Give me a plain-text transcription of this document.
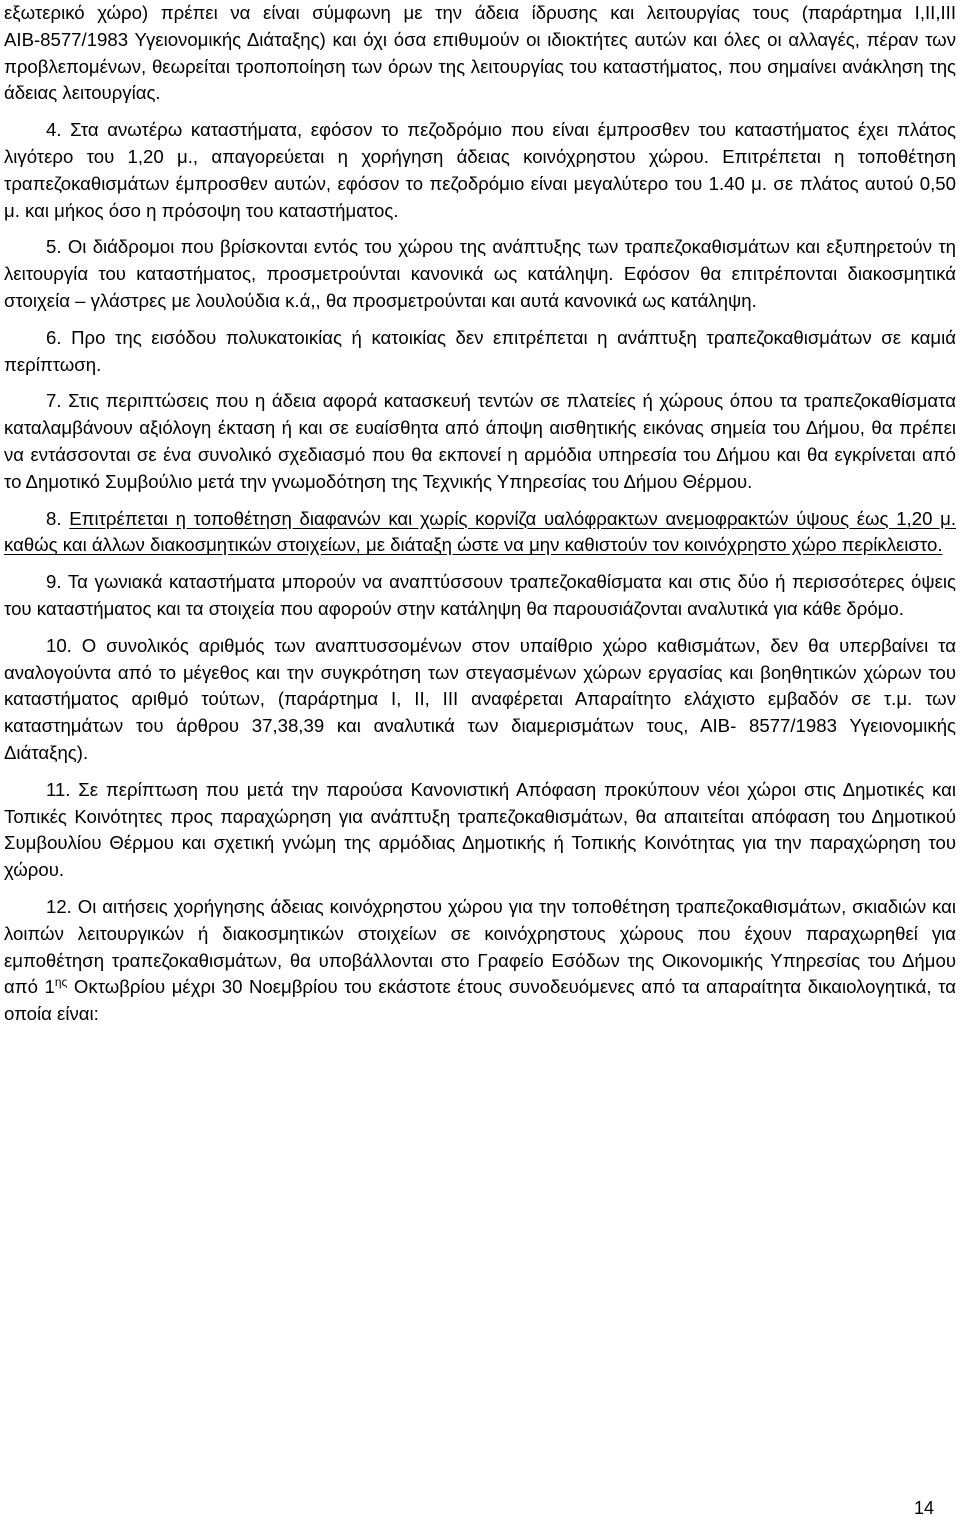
εξωτερικό χώρο) πρέπει να είναι σύμφωνη με την άδεια ίδρυσης και λειτουργίας τους (παράρτημα Ι,ΙΙ,ΙΙΙ ΑΙΒ-8577/1983 Υγειονομικής Διάταξης) και όχι όσα επιθυμούν οι ιδιοκτήτες αυτών και όλες οι αλλαγές, πέραν των προβλεπομένων, θεωρείται τροποποίηση των όρων της λειτουργίας του καταστήματος, που σημαίνει ανάκληση της άδειας λειτουργίας.

4. Στα ανωτέρω καταστήματα, εφόσον το πεζοδρόμιο που είναι έμπροσθεν του καταστήματος έχει πλάτος λιγότερο του 1,20 μ., απαγορεύεται η χορήγηση άδειας κοινόχρηστου χώρου. Επιτρέπεται η τοποθέτηση τραπεζοκαθισμάτων έμπροσθεν αυτών, εφόσον το πεζοδρόμιο είναι μεγαλύτερο του 1.40 μ. σε πλάτος αυτού 0,50 μ. και μήκος όσο η πρόσοψη του καταστήματος.

5. Οι διάδρομοι που βρίσκονται εντός του χώρου της ανάπτυξης των τραπεζοκαθισμάτων και εξυπηρετούν τη λειτουργία του καταστήματος, προσμετρούνται κανονικά ως κατάληψη. Εφόσον θα επιτρέπονται διακοσμητικά στοιχεία – γλάστρες με λουλούδια κ.ά,, θα προσμετρούνται και αυτά κανονικά ως κατάληψη.

6. Προ της εισόδου πολυκατοικίας ή κατοικίας δεν επιτρέπεται η ανάπτυξη τραπεζοκαθισμάτων σε καμιά περίπτωση.

7. Στις περιπτώσεις που η άδεια αφορά κατασκευή τεντών σε πλατείες ή χώρους όπου τα τραπεζοκαθίσματα καταλαμβάνουν αξιόλογη έκταση ή και σε ευαίσθητα από άποψη αισθητικής εικόνας σημεία του Δήμου, θα πρέπει να εντάσσονται σε ένα συνολικό σχεδιασμό που θα εκπονεί η αρμόδια υπηρεσία του Δήμου και θα εγκρίνεται από το Δημοτικό Συμβούλιο μετά την γνωμοδότηση της Τεχνικής Υπηρεσίας του Δήμου Θέρμου.

8. Επιτρέπεται η τοποθέτηση διαφανών και χωρίς κορνίζα υαλόφρακτων ανεμοφρακτών ύψους έως 1,20 μ. καθώς και άλλων διακοσμητικών στοιχείων, με διάταξη ώστε να μην καθιστούν τον κοινόχρηστο χώρο περίκλειστο.

9. Τα γωνιακά καταστήματα μπορούν να αναπτύσσουν τραπεζοκαθίσματα και στις δύο ή περισσότερες όψεις του καταστήματος και τα στοιχεία που αφορούν στην κατάληψη θα παρουσιάζονται αναλυτικά για κάθε δρόμο.

10. Ο συνολικός αριθμός των αναπτυσσομένων στον υπαίθριο χώρο καθισμάτων, δεν θα υπερβαίνει τα αναλογούντα από το μέγεθος και την συγκρότηση των στεγασμένων χώρων εργασίας και βοηθητικών χώρων του καταστήματος αριθμό τούτων, (παράρτημα Ι, ΙΙ, ΙΙΙ αναφέρεται Απαραίτητο ελάχιστο εμβαδόν σε τ.μ. των καταστημάτων του άρθρου 37,38,39 και αναλυτικά των διαμερισμάτων τους, ΑΙΒ- 8577/1983 Υγειονομικής Διάταξης).

11. Σε περίπτωση που μετά την παρούσα Κανονιστική Απόφαση προκύπουν νέοι χώροι στις Δημοτικές και Τοπικές Κοινότητες προς παραχώρηση για ανάπτυξη τραπεζοκαθισμάτων, θα απαιτείται απόφαση του Δημοτικού Συμβουλίου Θέρμου και σχετική γνώμη της αρμόδιας Δημοτικής ή Τοπικής Κοινότητας για την παραχώρηση του χώρου.

12. Οι αιτήσεις χορήγησης άδειας κοινόχρηστου χώρου για την τοποθέτηση τραπεζοκαθισμάτων, σκιαδιών και λοιπών λειτουργικών ή διακοσμητικών στοιχείων σε κοινόχρηστους χώρους που έχουν παραχωρηθεί για εμποθέτηση τραπεζοκαθισμάτων, θα υποβάλλονται στο Γραφείο Εσόδων της Οικονομικής Υπηρεσίας του Δήμου από $1^{\eta\varsigma}$ Οκτωβρίου μέχρι 30 Νοεμβρίου του εκάστοτε έτους συνοδευόμενες από τα απαραίτητα δικαιολογητικά, τα οποία είναι:

14
